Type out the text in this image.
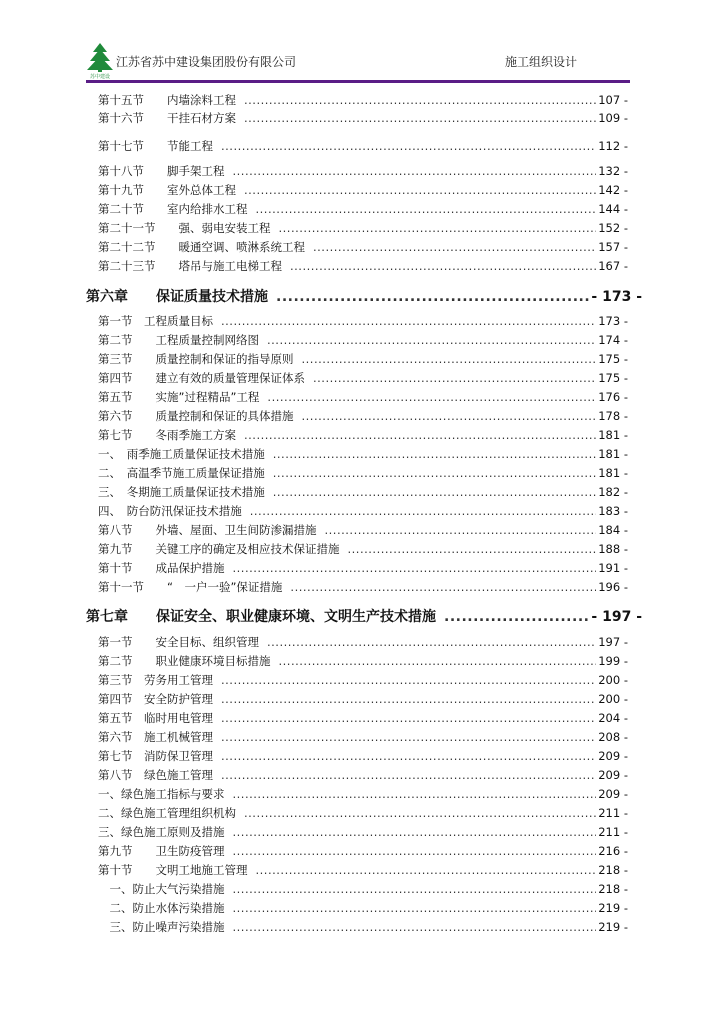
苏中建设
江苏省苏中建设集团股份有限公司	施工组织设计
第十五节　　内墙涂料工程 .....	107 -
第十六节　　干挂石材方案 .....	109 -
第十七节　　节能工程 .....	112 -
第十八节　　脚手架工程 .....	132 -
第十九节　　室外总体工程 .....	142 -
第二十节　　室内给排水工程 .....	144 -
第二十一节　　强、弱电安装工程 .....	152 -
第二十二节　　暖通空调、喷淋系统工程 .....	157 -
第二十三节　　塔吊与施工电梯工程 .....	167 -
第六章　　保证质量技术措施 .....	- 173 -
第一节　工程质量目标 .....	173 -
第二节　　工程质量控制网络图 .....	174 -
第三节　　质量控制和保证的指导原则 .....	175 -
第四节　　建立有效的质量管理保证体系 .....	175 -
第五节　　实施”过程精品”工程 .....	176 -
第六节　　质量控制和保证的具体措施 .....	178 -
第七节　　冬雨季施工方案 .....	181 -
一、　雨季施工质量保证技术措施 .....	181 -
二、　高温季节施工质量保证措施 .....	181 -
三、　冬期施工质量保证技术措施 .....	182 -
四、　防台防汛保证技术措施 .....	183 -
第八节　　外墙、屋面、卫生间防渗漏措施 .....	184 -
第九节　　关键工序的确定及相应技术保证措施 .....	188 -
第十节　　成品保护措施 .....	191 -
第十一节　　“　一户一验”保证措施 .....	196 -
第七章　　保证安全、职业健康环境、文明生产技术措施 .....	- 197 -
第一节　　安全目标、组织管理 .....	197 -
第二节　　职业健康环境目标措施 .....	199 -
第三节　劳务用工管理 .....	200 -
第四节　安全防护管理 .....	200 -
第五节　临时用电管理 .....	204 -
第六节　施工机械管理 .....	208 -
第七节　消防保卫管理 .....	209 -
第八节　绿色施工管理 .....	209 -
一、绿色施工指标与要求 .....	209 -
二、绿色施工管理组织机构 .....	211 -
三、绿色施工原则及措施 .....	211 -
第九节　　卫生防疫管理 .....	216 -
第十节　　文明工地施工管理 .....	218 -
　一、防止大气污染措施 .....	218 -
　二、防止水体污染措施 .....	219 -
　三、防止噪声污染措施 .....	219 -
